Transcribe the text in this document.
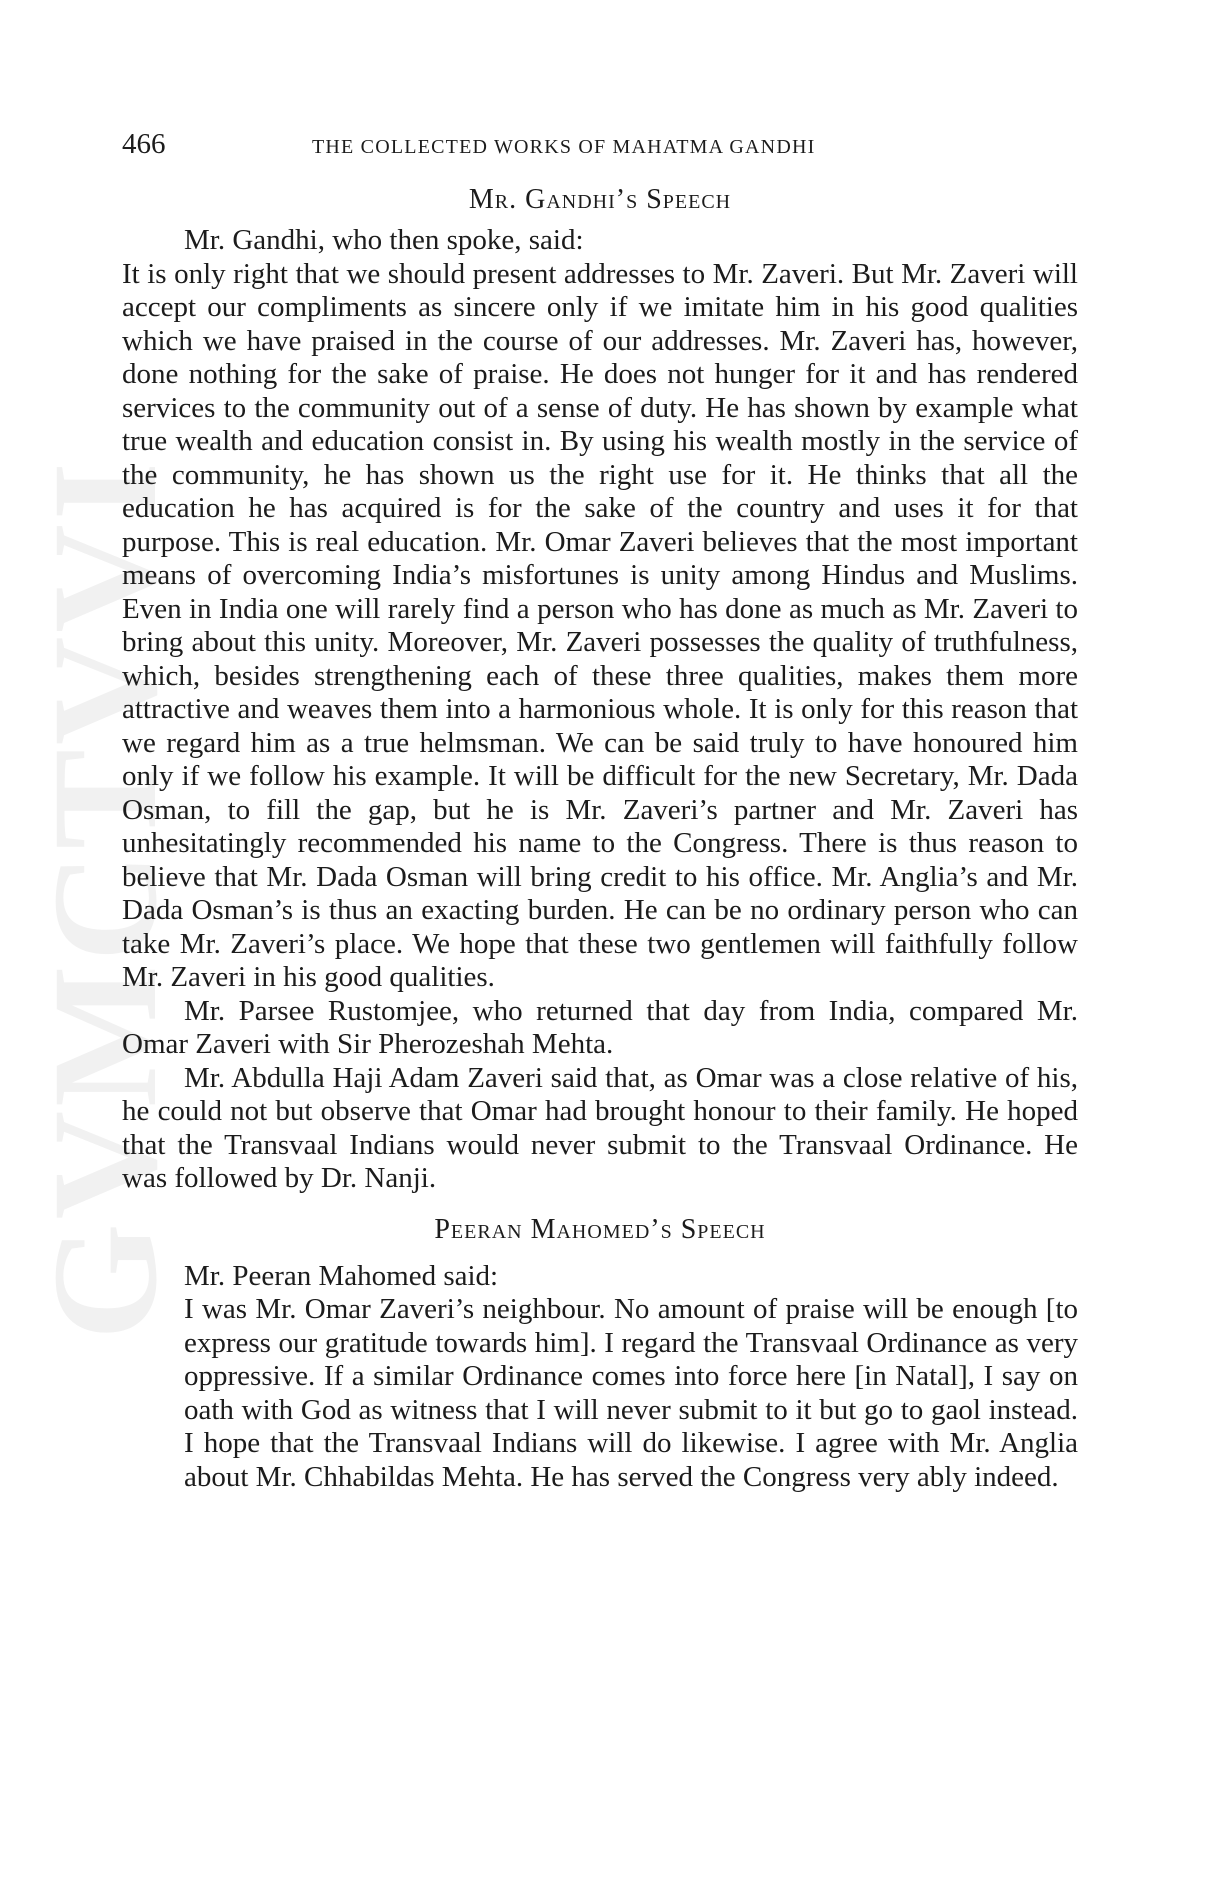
GVMCTVVI
466	THE COLLECTED WORKS OF MAHATMA GANDHI
Mr. Gandhi’s Speech

Mr. Gandhi, who then spoke, said:

It is only right that we should present addresses to Mr. Zaveri. But Mr. Zaveri will accept our compliments as sincere only if we imitate him in his good qualities which we have praised in the course of our addresses. Mr. Zaveri has, however, done nothing for the sake of praise. He does not hunger for it and has rendered services to the community out of a sense of duty. He has shown by example what true wealth and education consist in. By using his wealth mostly in the service of the community, he has shown us the right use for it. He thinks that all the education he has acquired is for the sake of the country and uses it for that purpose. This is real education. Mr. Omar Zaveri believes that the most important means of overcoming India’s misfortunes is unity among Hindus and Muslims. Even in India one will rarely find a person who has done as much as Mr. Zaveri to bring about this unity. Moreover, Mr. Zaveri possesses the quality of truthfulness, which, besides strengthening each of these three qualities, makes them more attractive and weaves them into a harmonious whole. It is only for this reason that we regard him as a true helmsman. We can be said truly to have honoured him only if we follow his example. It will be difficult for the new Secretary, Mr. Dada Osman, to fill the gap, but he is Mr. Zaveri’s partner and Mr. Zaveri has unhesitatingly recommended his name to the Congress. There is thus reason to believe that Mr. Dada Osman will bring credit to his office. Mr. Anglia’s and Mr. Dada Osman’s is thus an exacting burden. He can be no ordinary person who can take Mr. Zaveri’s place. We hope that these two gentlemen will faithfully follow Mr. Zaveri in his good qualities.

Mr. Parsee Rustomjee, who returned that day from India, compared Mr. Omar Zaveri with Sir Pherozeshah Mehta.

Mr. Abdulla Haji Adam Zaveri said that, as Omar was a close relative of his, he could not but observe that Omar had brought honour to their family. He hoped that the Transvaal Indians would never submit to the Transvaal Ordinance. He was followed by Dr. Nanji.

Peeran Mahomed’s Speech

Mr. Peeran Mahomed said:

I was Mr. Omar Zaveri’s neighbour. No amount of praise will be enough [to express our gratitude towards him]. I regard the Transvaal Ordinance as very oppressive. If a similar Ordinance comes into force here [in Natal], I say on oath with God as witness that I will never submit to it but go to gaol instead. I hope that the Transvaal Indians will do likewise. I agree with Mr. Anglia about Mr. Chhabildas Mehta. He has served the Congress very ably indeed.
